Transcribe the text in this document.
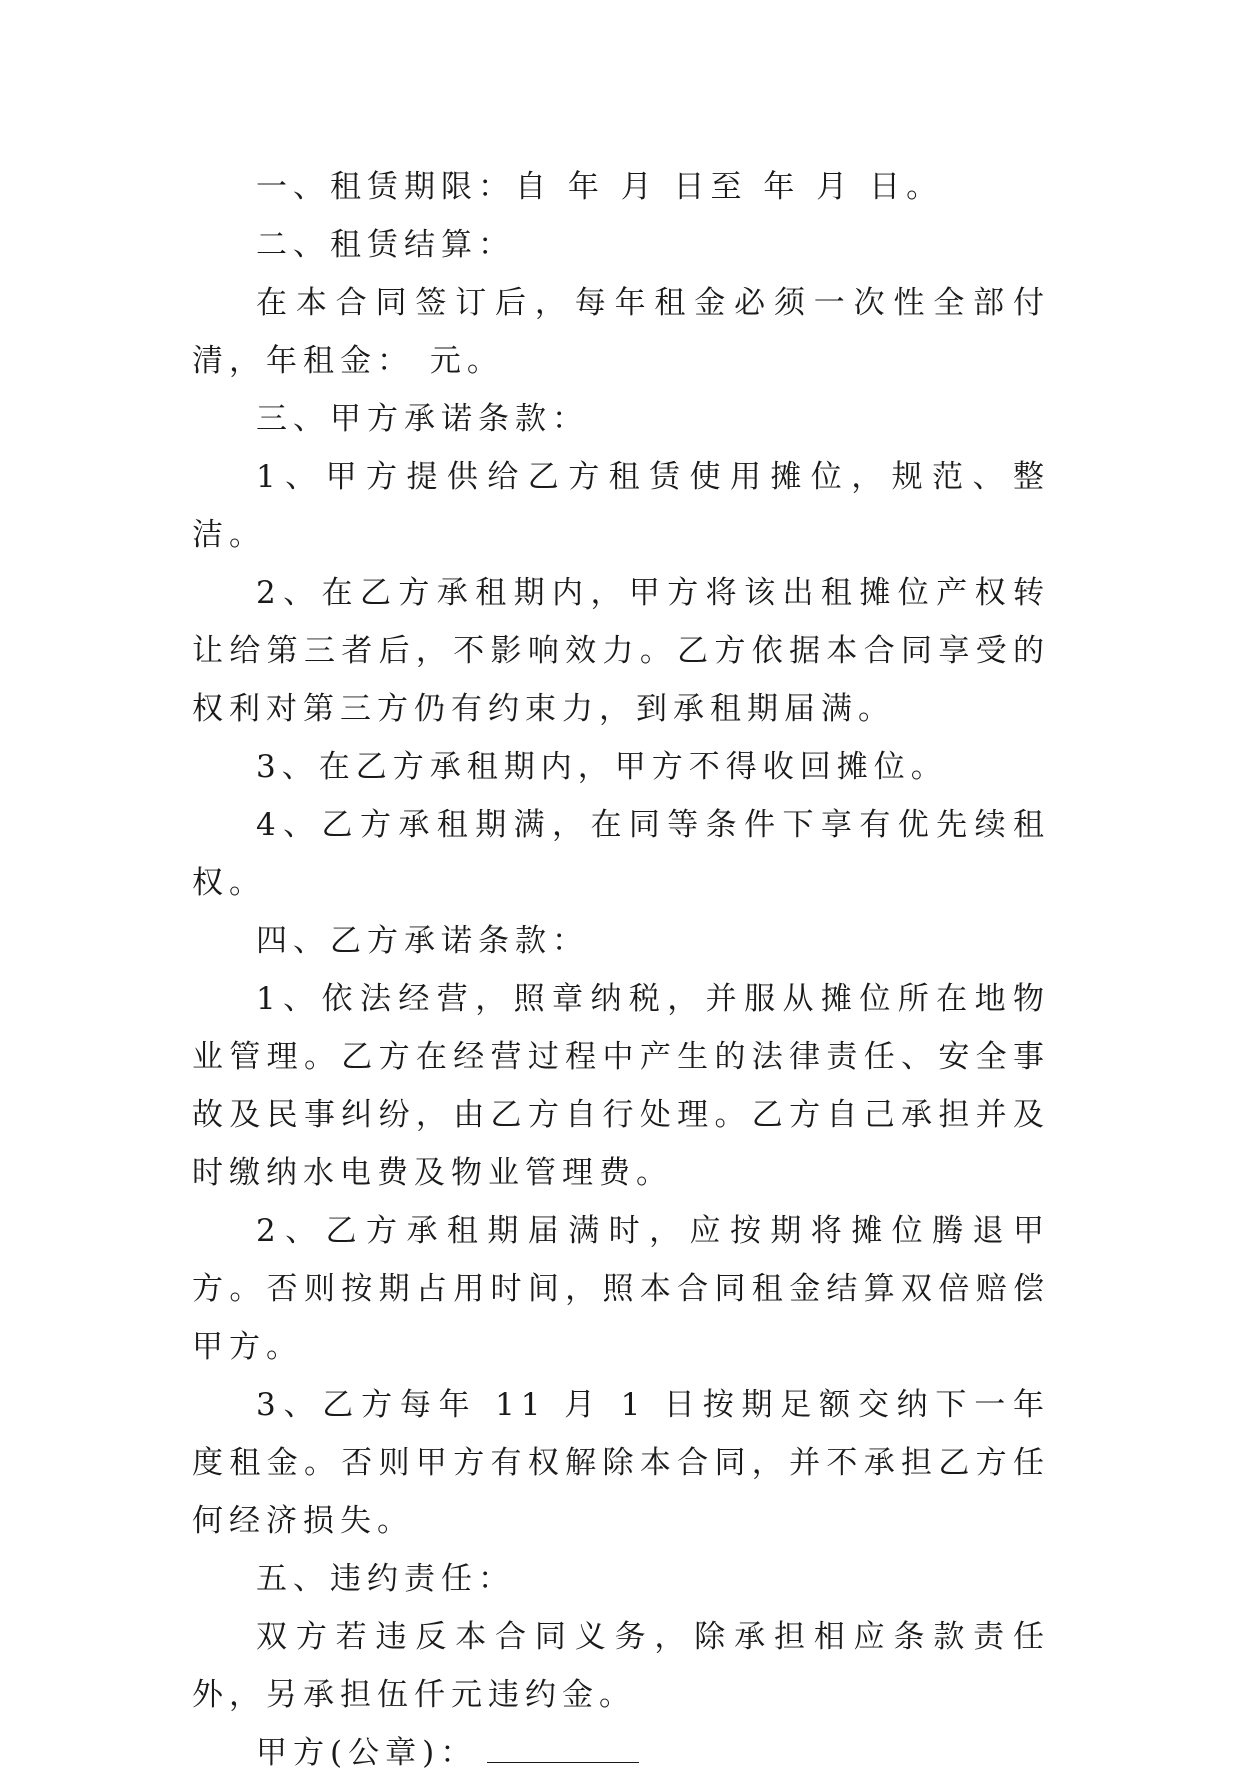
一、租赁期限：自 年 月 日至 年 月 日。

二、租赁结算：

在本合同签订后，每年租金必须一次性全部付清，年租金： 元。

三、甲方承诺条款：

1、甲方提供给乙方租赁使用摊位，规范、整洁。

2、在乙方承租期内，甲方将该出租摊位产权转让给第三者后，不影响效力。乙方依据本合同享受的权利对第三方仍有约束力，到承租期届满。

3、在乙方承租期内，甲方不得收回摊位。

4、乙方承租期满，在同等条件下享有优先续租权。

四、乙方承诺条款：

1、依法经营，照章纳税，并服从摊位所在地物业管理。乙方在经营过程中产生的法律责任、安全事故及民事纠纷，由乙方自行处理。乙方自己承担并及时缴纳水电费及物业管理费。

2、乙方承租期届满时，应按期将摊位腾退甲方。否则按期占用时间，照本合同租金结算双倍赔偿甲方。

3、乙方每年 11 月 1 日按期足额交纳下一年度租金。否则甲方有权解除本合同，并不承担乙方任何经济损失。

五、违约责任：

双方若违反本合同义务，除承担相应条款责任外，另承担伍仟元违约金。

甲方(公章)：
